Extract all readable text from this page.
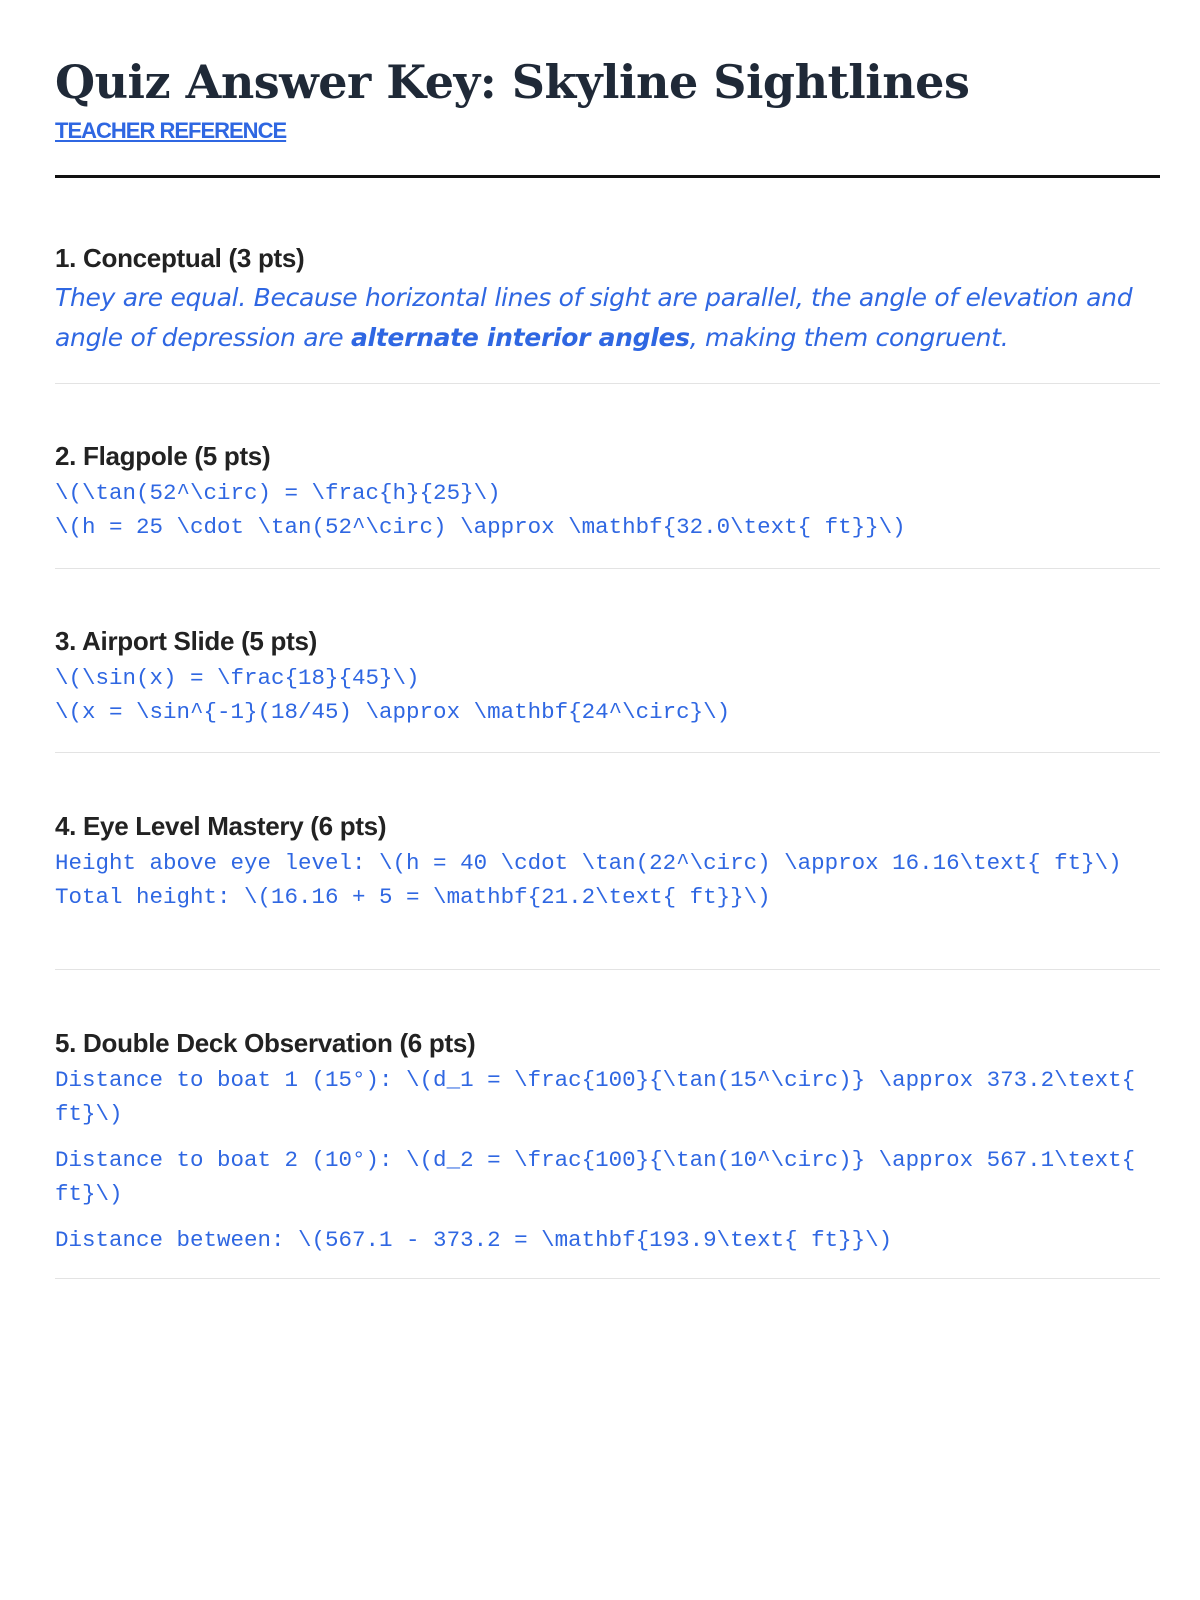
Quiz Answer Key: Skyline Sightlines
TEACHER REFERENCE
1. Conceptual (3 pts)

They are equal. Because horizontal lines of sight are parallel, the angle of elevation and angle of depression are alternate interior angles, making them congruent.

2. Flagpole (5 pts)

\(\tan(52^\circ) = \frac{h}{25}\)

\(h = 25 \cdot \tan(52^\circ) \approx \mathbf{32.0\text{ ft}}\)

3. Airport Slide (5 pts)

\(\sin(x) = \frac{18}{45}\)

\(x = \sin^{-1}(18/45) \approx \mathbf{24^\circ}\)

4. Eye Level Mastery (6 pts)

Height above eye level: \(h = 40 \cdot \tan(22^\circ) \approx 16.16\text{ ft}\)

Total height: \(16.16 + 5 = \mathbf{21.2\text{ ft}}\)

5. Double Deck Observation (6 pts)

Distance to boat 1 (15°): \(d_1 = \frac{100}{\tan(15^\circ)} \approx 373.2\text{ ft}\)

Distance to boat 2 (10°): \(d_2 = \frac{100}{\tan(10^\circ)} \approx 567.1\text{ ft}\)

Distance between: \(567.1 - 373.2 = \mathbf{193.9\text{ ft}}\)
